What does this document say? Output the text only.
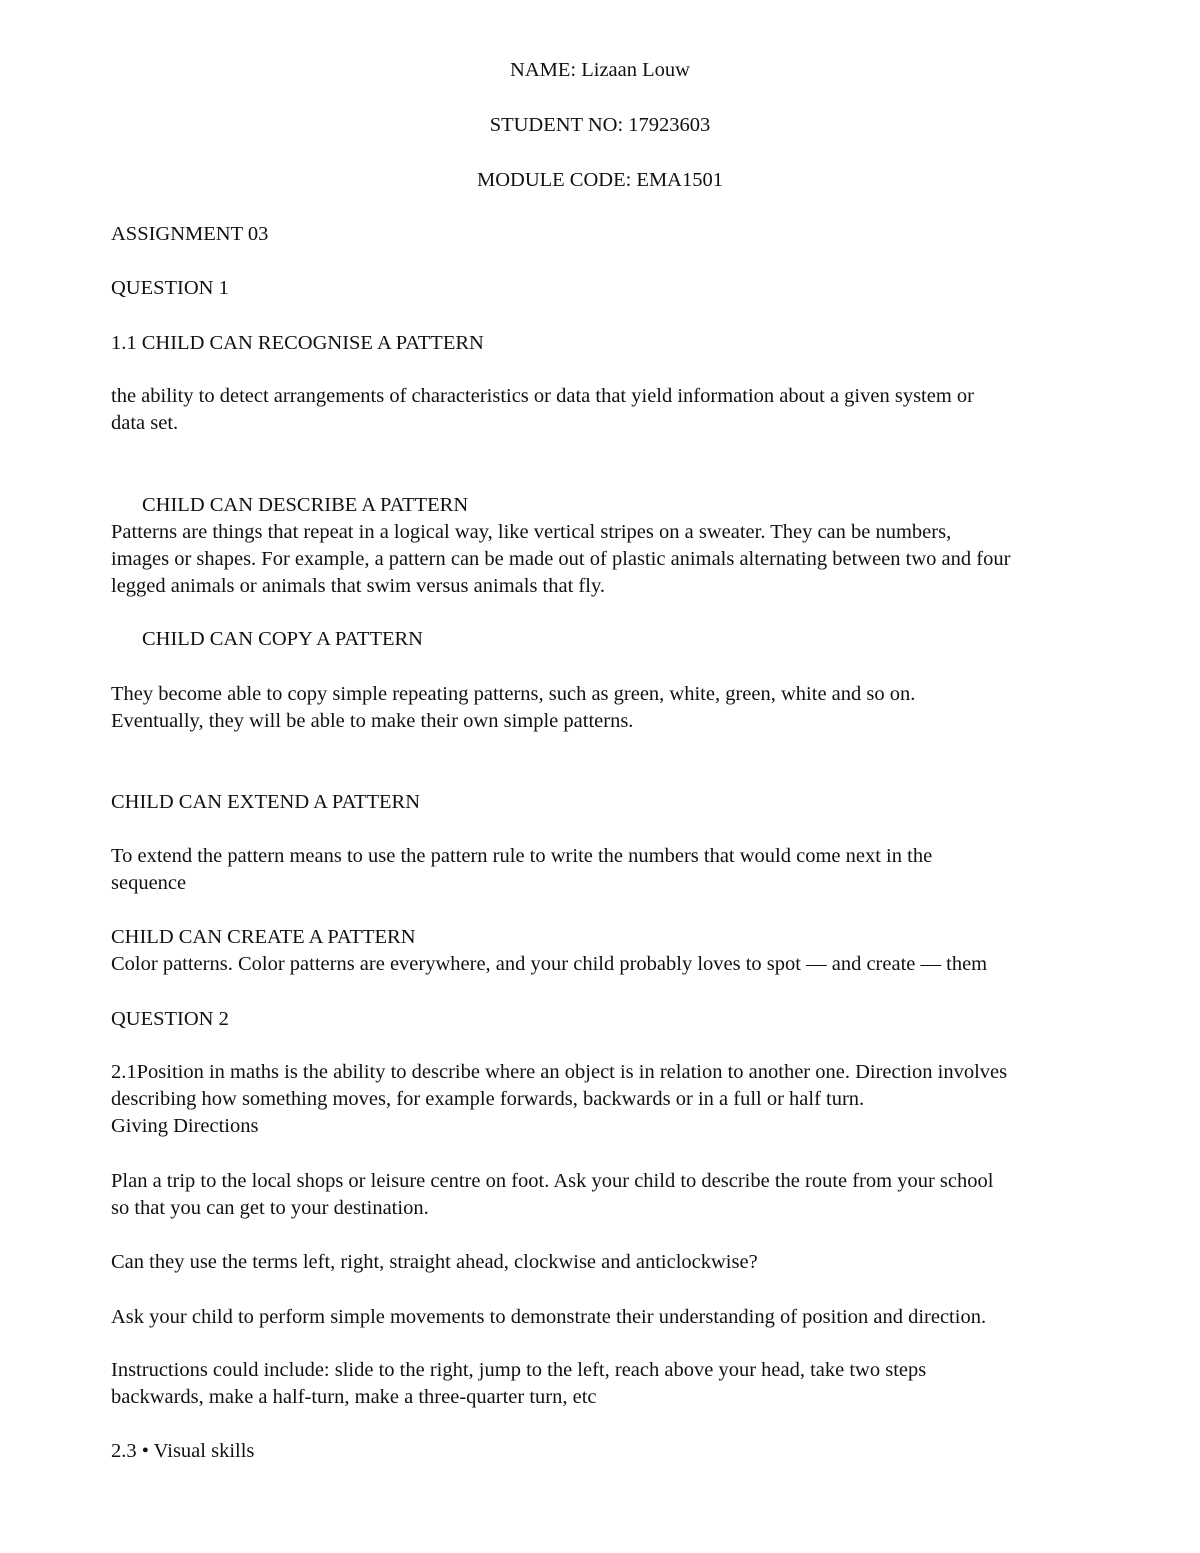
NAME: Lizaan Louw
STUDENT NO: 17923603
MODULE CODE: EMA1501
ASSIGNMENT 03
QUESTION 1
1.1 CHILD CAN RECOGNISE A PATTERN
the ability to detect arrangements of characteristics or data that yield information about a given system or
data set.
CHILD CAN DESCRIBE A PATTERN
Patterns are things that repeat in a logical way, like vertical stripes on a sweater. They can be numbers,
images or shapes. For example, a pattern can be made out of plastic animals alternating between two and four
legged animals or animals that swim versus animals that fly.
CHILD CAN COPY A PATTERN
They become able to copy simple repeating patterns, such as green, white, green, white and so on.
Eventually, they will be able to make their own simple patterns.
CHILD CAN EXTEND A PATTERN
To extend the pattern means to use the pattern rule to write the numbers that would come next in the
sequence
CHILD CAN CREATE A PATTERN
Color patterns. Color patterns are everywhere, and your child probably loves to spot — and create — them
QUESTION 2
2.1Position in maths is the ability to describe where an object is in relation to another one. Direction involves
describing how something moves, for example forwards, backwards or in a full or half turn.
Giving Directions
Plan a trip to the local shops or leisure centre on foot. Ask your child to describe the route from your school
so that you can get to your destination.
Can they use the terms left, right, straight ahead, clockwise and anticlockwise?
Ask your child to perform simple movements to demonstrate their understanding of position and direction.
Instructions could include: slide to the right, jump to the left, reach above your head, take two steps
backwards, make a half-turn, make a three-quarter turn, etc
2.3 • Visual skills
